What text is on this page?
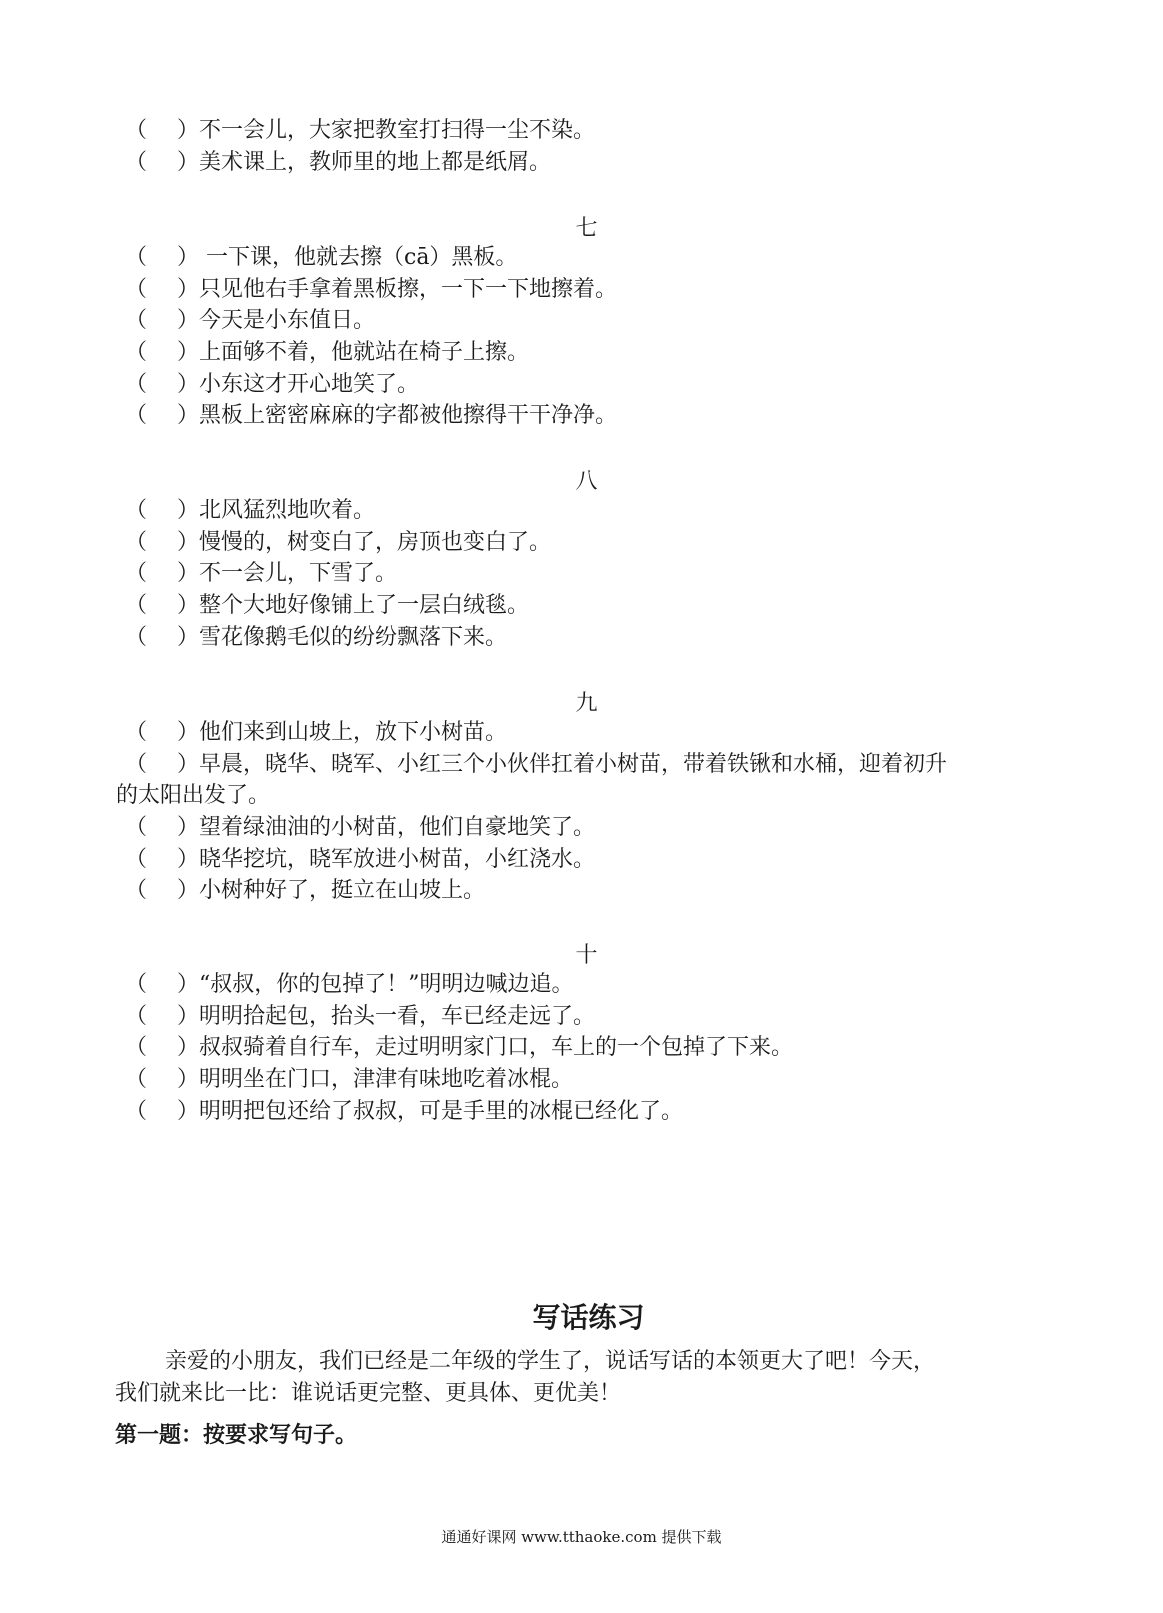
（ ） 不一会儿，大家把教室打扫得一尘不染。
（ ） 美术课上，教师里的地上都是纸屑。
七
（ ） 一下课，他就去擦（cā）黑板。
（ ） 只见他右手拿着黑板擦，一下一下地擦着。
（ ） 今天是小东值日。
（ ） 上面够不着，他就站在椅子上擦。
（ ） 小东这才开心地笑了。
（ ） 黑板上密密麻麻的字都被他擦得干干净净。
八
（ ） 北风猛烈地吹着。
（ ） 慢慢的，树变白了，房顶也变白了。
（ ） 不一会儿，下雪了。
（ ） 整个大地好像铺上了一层白绒毯。
（ ） 雪花像鹅毛似的纷纷飘落下来。
九
（ ） 他们来到山坡上，放下小树苗。
（ ） 早晨，晓华、晓军、小红三个小伙伴扛着小树苗，带着铁锹和水桶，迎着初升
的太阳出发了。
（ ） 望着绿油油的小树苗，他们自豪地笑了。
（ ） 晓华挖坑，晓军放进小树苗，小红浇水。
（ ） 小树种好了，挺立在山坡上。
十
（ ） “叔叔，你的包掉了！”明明边喊边追。
（ ） 明明拾起包，抬头一看，车已经走远了。
（ ） 叔叔骑着自行车，走过明明家门口，车上的一个包掉了下来。
（ ） 明明坐在门口，津津有味地吃着冰棍。
（ ） 明明把包还给了叔叔，可是手里的冰棍已经化了。
写话练习
亲爱的小朋友，我们已经是二年级的学生了，说话写话的本领更大了吧！今天，
我们就来比一比：谁说话更完整、更具体、更优美！
第一题：按要求写句子。
通通好课网 www.tthaoke.com 提供下载
